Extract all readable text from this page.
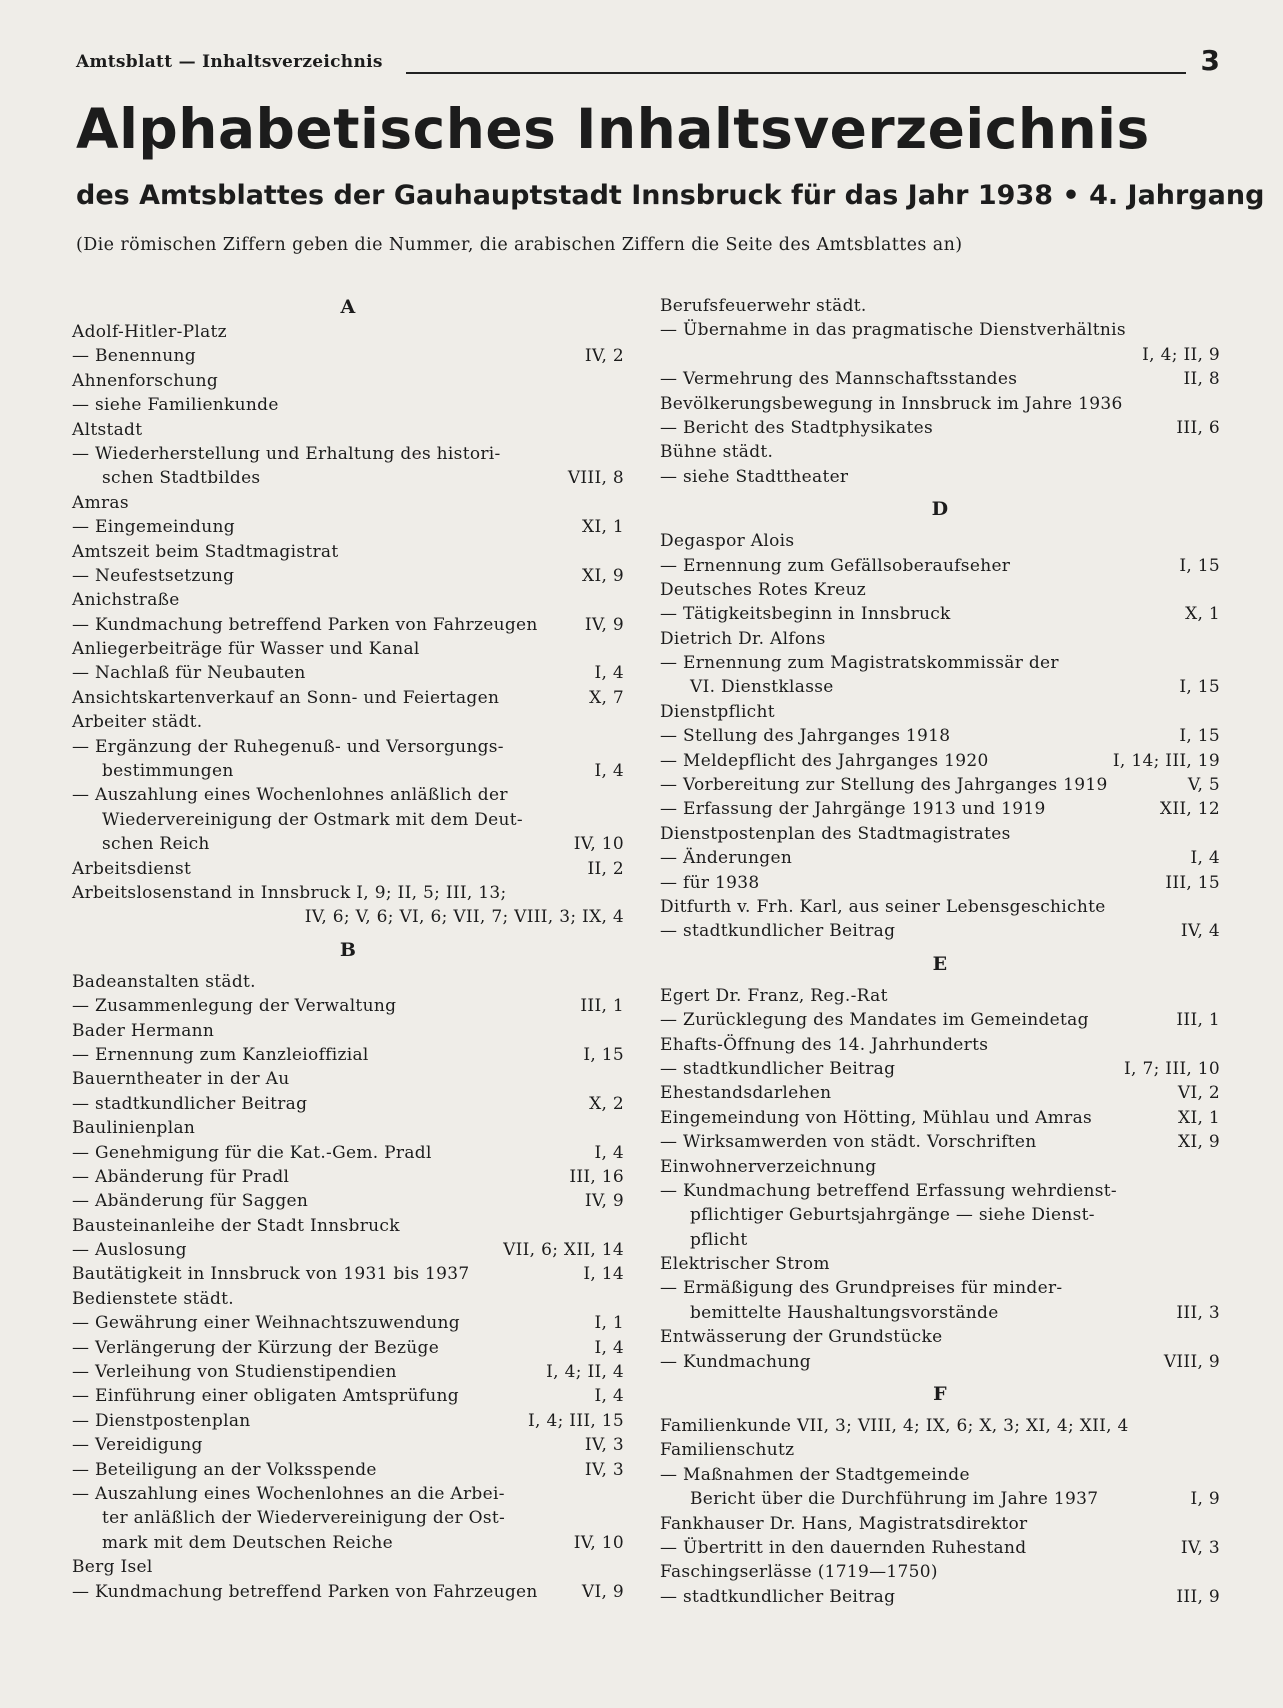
Amtsblatt — Inhaltsverzeichnis	3
Alphabetisches Inhaltsverzeichnis
des Amtsblattes der Gauhauptstadt Innsbruck für das Jahr 1938 • 4. Jahrgang
(Die römischen Ziffern geben die Nummer, die arabischen Ziffern die Seite des Amtsblattes an)
A
Adolf-Hitler-Platz
— Benennung	IV, 2
Ahnenforschung
— siehe Familienkunde
Altstadt
— Wiederherstellung und Erhaltung des histori-
schen Stadtbildes	VIII, 8
Amras
— Eingemeindung	XI, 1
Amtszeit beim Stadtmagistrat
— Neufestsetzung	XI, 9
Anichstraße
— Kundmachung betreffend Parken von Fahrzeugen	IV, 9
Anliegerbeiträge für Wasser und Kanal
— Nachlaß für Neubauten	I, 4
Ansichtskartenverkauf an Sonn- und Feiertagen	X, 7
Arbeiter städt.
— Ergänzung der Ruhegenuß- und Versorgungs-
bestimmungen	I, 4
— Auszahlung eines Wochenlohnes anläßlich der
Wiedervereinigung der Ostmark mit dem Deut-
schen Reich	IV, 10
Arbeitsdienst	II, 2
Arbeitslosenstand in Innsbruck I, 9; II, 5; III, 13;
IV, 6; V, 6; VI, 6; VII, 7; VIII, 3; IX, 4
B
Badeanstalten städt.
— Zusammenlegung der Verwaltung	III, 1
Bader Hermann
— Ernennung zum Kanzleioffizial	I, 15
Bauerntheater in der Au
— stadtkundlicher Beitrag	X, 2
Baulinienplan
— Genehmigung für die Kat.-Gem. Pradl	I, 4
— Abänderung für Pradl	III, 16
— Abänderung für Saggen	IV, 9
Bausteinanleihe der Stadt Innsbruck
— Auslosung	VII, 6; XII, 14
Bautätigkeit in Innsbruck von 1931 bis 1937	I, 14
Bedienstete städt.
— Gewährung einer Weihnachtszuwendung	I, 1
— Verlängerung der Kürzung der Bezüge	I, 4
— Verleihung von Studienstipendien	I, 4; II, 4
— Einführung einer obligaten Amtsprüfung	I, 4
— Dienstpostenplan	I, 4; III, 15
— Vereidigung	IV, 3
— Beteiligung an der Volksspende	IV, 3
— Auszahlung eines Wochenlohnes an die Arbei-
ter anläßlich der Wiedervereinigung der Ost-
mark mit dem Deutschen Reiche	IV, 10
Berg Isel
— Kundmachung betreffend Parken von Fahrzeugen	VI, 9
Berufsfeuerwehr städt.
— Übernahme in das pragmatische Dienstverhältnis
I, 4; II, 9
— Vermehrung des Mannschaftsstandes	II, 8
Bevölkerungsbewegung in Innsbruck im Jahre 1936
— Bericht des Stadtphysikates	III, 6
Bühne städt.
— siehe Stadttheater
D
Degaspor Alois
— Ernennung zum Gefällsoberaufseher	I, 15
Deutsches Rotes Kreuz
— Tätigkeitsbeginn in Innsbruck	X, 1
Dietrich Dr. Alfons
— Ernennung zum Magistratskommissär der
VI. Dienstklasse	I, 15
Dienstpflicht
— Stellung des Jahrganges 1918	I, 15
— Meldepflicht des Jahrganges 1920	I, 14; III, 19
— Vorbereitung zur Stellung des Jahrganges 1919	V, 5
— Erfassung der Jahrgänge 1913 und 1919	XII, 12
Dienstpostenplan des Stadtmagistrates
— Änderungen	I, 4
— für 1938	III, 15
Ditfurth v. Frh. Karl, aus seiner Lebensgeschichte
— stadtkundlicher Beitrag	IV, 4
E
Egert Dr. Franz, Reg.-Rat
— Zurücklegung des Mandates im Gemeindetag	III, 1
Ehafts-Öffnung des 14. Jahrhunderts
— stadtkundlicher Beitrag	I, 7; III, 10
Ehestandsdarlehen	VI, 2
Eingemeindung von Hötting, Mühlau und Amras	XI, 1
— Wirksamwerden von städt. Vorschriften	XI, 9
Einwohnerverzeichnung
— Kundmachung betreffend Erfassung wehrdienst-
pflichtiger Geburtsjahrgänge — siehe Dienst-
pflicht
Elektrischer Strom
— Ermäßigung des Grundpreises für minder-
bemittelte Haushaltungsvorstände	III, 3
Entwässerung der Grundstücke
— Kundmachung	VIII, 9
F
Familienkunde VII, 3; VIII, 4; IX, 6; X, 3; XI, 4; XII, 4
Familienschutz
— Maßnahmen der Stadtgemeinde
Bericht über die Durchführung im Jahre 1937	I, 9
Fankhauser Dr. Hans, Magistratsdirektor
— Übertritt in den dauernden Ruhestand	IV, 3
Faschingserlässe (1719—1750)
— stadtkundlicher Beitrag	III, 9
